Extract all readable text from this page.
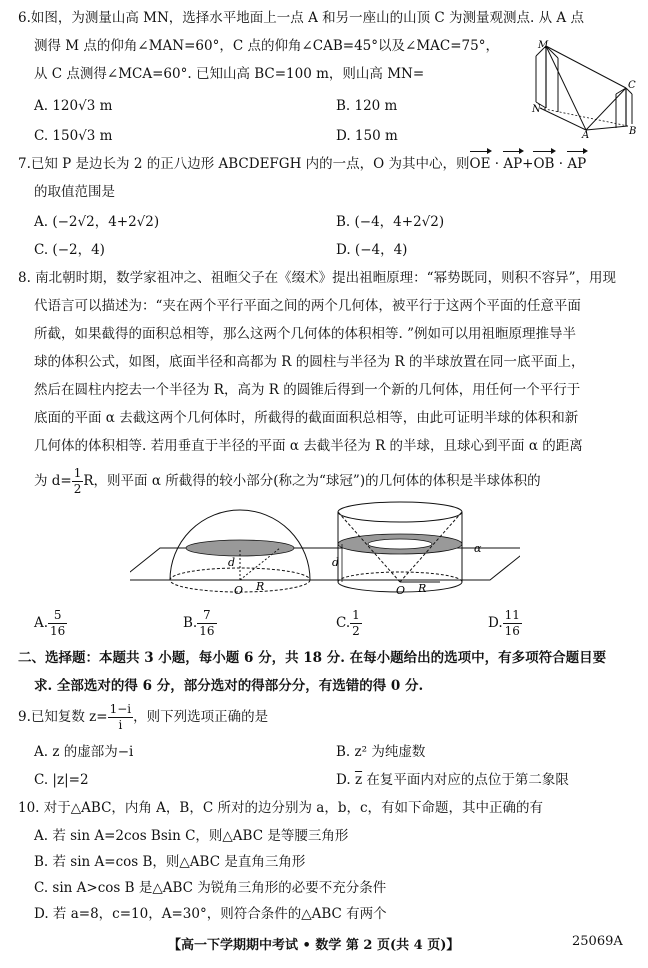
6.如图，为测量山高 MN，选择水平地面上一点 A 和另一座山的山顶 C 为测量观测点. 从 A 点
测得 M 点的仰角∠MAN=60°，C 点的仰角∠CAB=45°以及∠MAC=75°，
从 C 点测得∠MCA=60°. 已知山高 BC=100 m，则山高 MN=
A. 120√3 m	B. 120 m
C. 150√3 m	D. 150 m
M
N
A	B
C
7.已知 P 是边长为 2 的正八边形 ABCDEFGH 内的一点，O 为其中心，则OE · AP+OB · AP
的取值范围是
A. (−2√2，4+2√2)	B. (−4，4+2√2)
C. (−2，4)	D. (−4，4)
8. 南北朝时期，数学家祖冲之、祖暅父子在《缀术》提出祖暅原理：“幂势既同，则积不容异”，用现
代语言可以描述为：“夹在两个平行平面之间的两个几何体，被平行于这两个平面的任意平面
所截，如果截得的面积总相等，那么这两个几何体的体积相等. ”例如可以用祖暅原理推导半
球的体积公式，如图，底面半径和高都为 R 的圆柱与半径为 R 的半球放置在同一底平面上，
然后在圆柱内挖去一个半径为 R，高为 R 的圆锥后得到一个新的几何体，用任何一个平行于
底面的平面 α 去截这两个几何体时，所截得的截面面积总相等，由此可证明半球的体积和新
几何体的体积相等. 若用垂直于半径的平面 α 去截半径为 R 的半球，且球心到平面 α 的距离
为 $d= \frac{1}{2}$ R，则平面 α 所截得的较小部分(称之为“球冠”)的几何体的体积是半球体积的
d
O R
d
O R
α
A. $\frac{5}{16}$	B. $\frac{7}{16}$	C. $\frac{1}{2}$	D. $\frac{11}{16}$
二、选择题：本题共 3 小题，每小题 6 分，共 18 分. 在每小题给出的选项中，有多项符合题目要
求. 全部选对的得 6 分，部分选对的得部分分，有选错的得 0 分.
9.已知复数 $z= \frac{1-i}{i}$ ，则下列选项正确的是
A. z 的虚部为−i	B. z² 为纯虚数
C. |z|=2	D. $\overline{z}$ 在复平面内对应的点位于第二象限
10. 对于△ABC，内角 A，B，C 所对的边分别为 a，b，c，有如下命题，其中正确的有
A. 若 sin A=2cos Bsin C，则△ABC 是等腰三角形
B. 若 sin A=cos B，则△ABC 是直角三角形
C. sin A>cos B 是△ABC 为锐角三角形的必要不充分条件
D. 若 a=8，c=10，A=30°，则符合条件的△ABC 有两个
【高一下学期期中考试 • 数学 第 2 页(共 4 页)】	25069A
